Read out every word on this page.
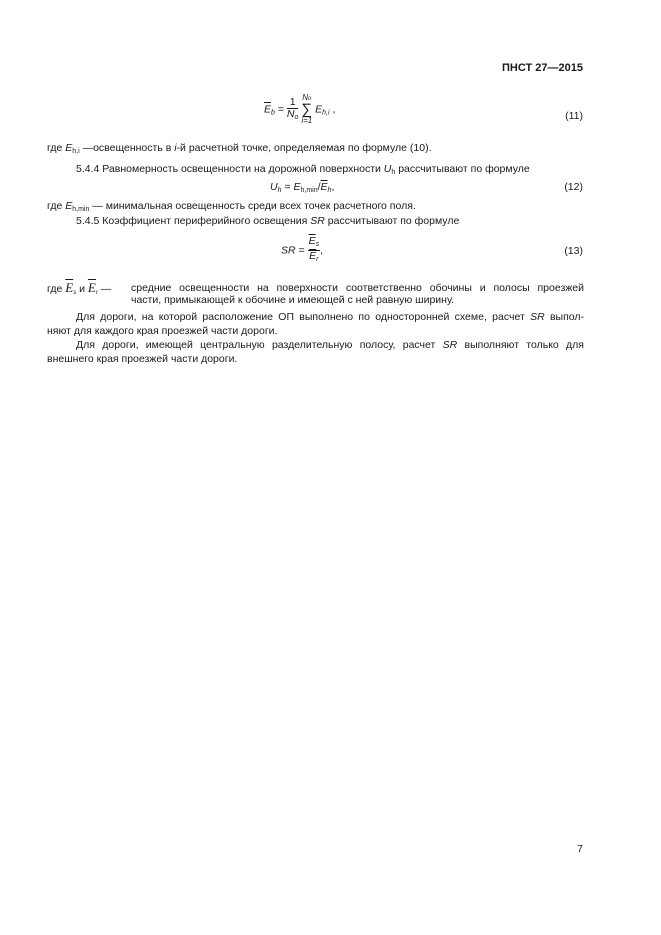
ПНСТ 27—2015
$\overline{E}_b = \frac{1}{N_o}$ No
∑
i=1 $E_{h,i}$ ,
(11)
где $E_{h,i}$ —освещенность в i-й расчетной точке, определяемая по формуле (10).
5.4.4 Равномерность освещенности на дорожной поверхности $U_h$ рассчитывают по формуле
$U_h = E_{h,min}/\overline{E}_h$,	(12)
где $E_{h,min}$ — минимальная освещенность среди всех точек расчетного поля.
5.4.5 Коэффициент периферийного освещения SR рассчитывают по формуле
SR = $\frac{\overline{E}_s}{\overline{E}_r}$ ,	(13)
где $\overline{E}_s$ и $\overline{E}_r$ — средние освещенности на поверхности соответственно обочины и полосы проезжей
части, примыкающей к обочине и имеющей с ней равную ширину.
Для дороги, на которой расположение ОП выполнено по односторонней схеме, расчет SR выпол-
няют для каждого края проезжей части дороги.
Для дороги, имеющей центральную разделительную полосу, расчет SR выполняют только для
внешнего края проезжей части дороги.
7
